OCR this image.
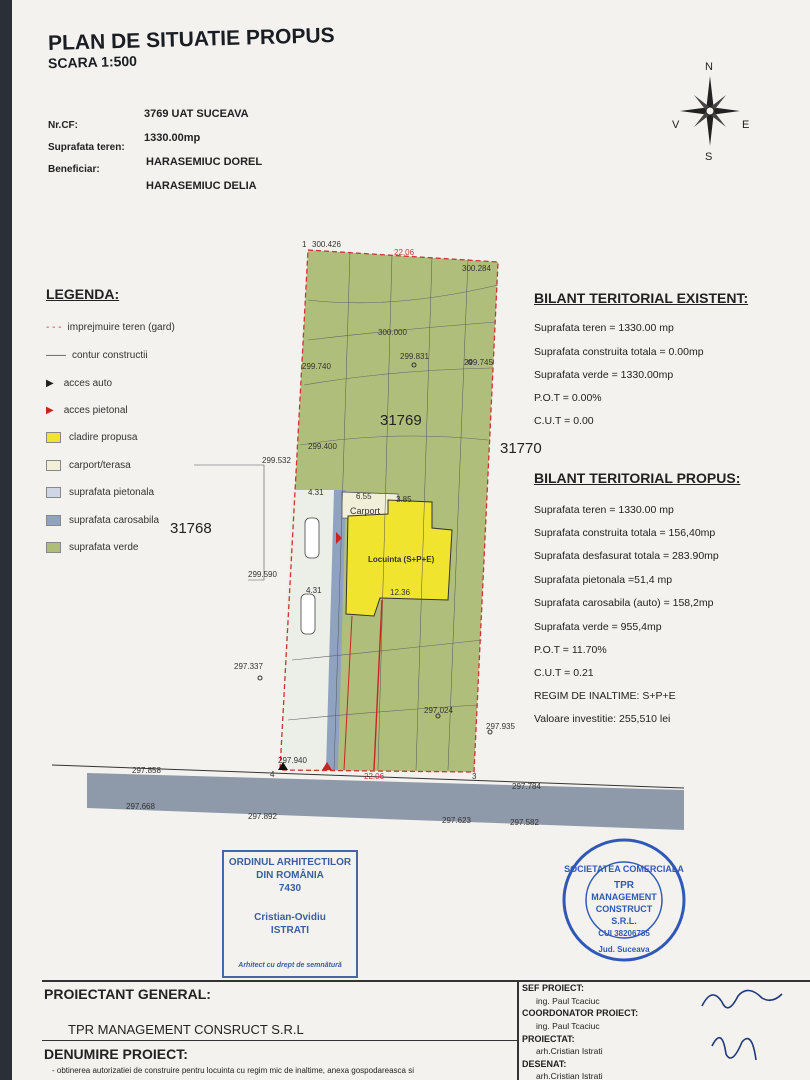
PLAN DE SITUATIE PROPUS
SCARA 1:500
Nr.CF:
3769 UAT SUCEAVA
Suprafata teren:
1330.00mp
Beneficiar:
HARASEMIUC DOREL
HARASEMIUC DELIA
N
V	E
S
LEGENDA:
- - - imprejmuire teren (gard)
—— contur constructii
▶ acces auto
▶ acces pietonal
cladire propusa
carport/terasa
suprafata pietonala
suprafata carosabila
suprafata verde
1 300.426
22.06
300.284
300.000
299.831
299.740	299.745
31769
31770
31768
299.400
299.532
4.31	6.55	3.85
Carport
Locuinta (S+P+E)
12.36
299.590
4.31
297.337
297.024
297.935
297.940
22.06
4	3
297.858
297.784
297.668
297.892	297.623	297.582
BILANT TERITORIAL EXISTENT:
Suprafata teren = 1330.00 mp
Suprafata construita totala = 0.00mp
Suprafata verde = 1330.00mp
P.O.T = 0.00%
C.U.T = 0.00
BILANT TERITORIAL PROPUS:
Suprafata teren = 1330.00 mp
Suprafata construita totala = 156,40mp
Suprafata desfasurat totala = 283.90mp
Suprafata pietonala =51,4 mp
Suprafata carosabila (auto) = 158,2mp
Suprafata verde = 955,4mp
P.O.T = 11.70%
C.U.T = 0.21
REGIM DE INALTIME: S+P+E
Valoare investitie: 255,510 lei
ORDINUL ARHITECTILOR
DIN ROMÂNIA
7430
Cristian-Ovidiu
ISTRATI
Arhitect cu drept de semnătură
SOCIETATEA COMERCIALA
TPR
MANAGEMENT
CONSTRUCT
S.R.L.
CUI 38206785
Jud. Suceava
PROIECTANT GENERAL:
TPR MANAGEMENT CONSRUCT S.R.L
DENUMIRE PROIECT:
- obtinerea autorizatiei de construire pentru locuinta cu regim mic de inaltime, anexa gospodareasca si
SEF PROIECT:
ing. Paul Tcaciuc
COORDONATOR PROIECT:
ing. Paul Tcaciuc
PROIECTAT:
arh.Cristian Istrati
DESENAT:
arh.Cristian Istrati
